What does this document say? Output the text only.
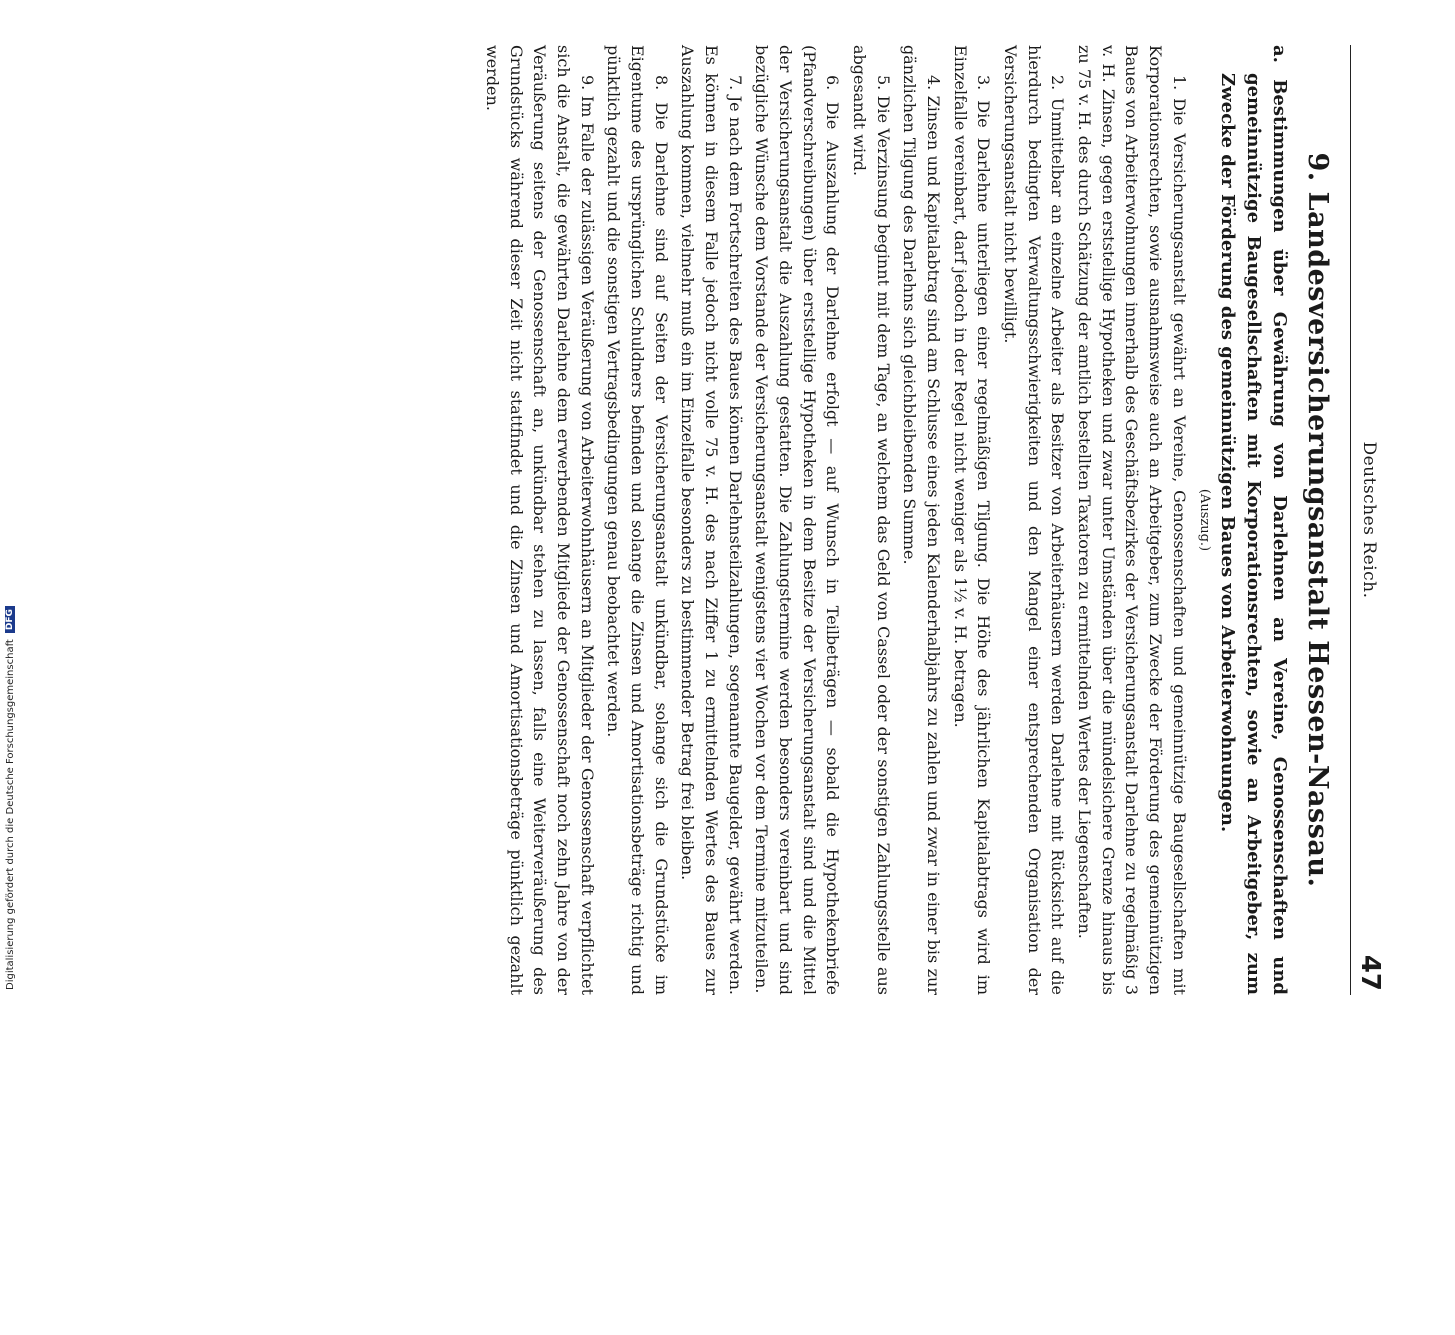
Deutsches Reich.
47
9. Landesversicherungsanstalt Hessen-Nassau.
a. Bestimmungen über Gewährung von Darlehnen an Vereine, Genossenschaften und gemeinnützige Baugesellschaften mit Korporationsrechten, sowie an Arbeitgeber, zum Zwecke der Förderung des gemeinnützigen Baues von Arbeiterwohnungen.
(Auszug.)

1. Die Versicherungsanstalt gewährt an Vereine, Genossenschaften und gemeinnützige Baugesellschaften mit Korporationsrechten, sowie ausnahmsweise auch an Arbeitgeber, zum Zwecke der Förderung des gemeinnützigen Baues von Arbeiterwohnungen innerhalb des Geschäftsbezirkes der Versicherungsanstalt Darlehne zu regelmäßig 3 v. H. Zinsen, gegen erststellige Hypotheken und zwar unter Umständen über die mündelsichere Grenze hinaus bis zu 75 v. H. des durch Schätzung der amtlich bestellten Taxatoren zu ermittelnden Wertes der Liegenschaften.

2. Unmittelbar an einzelne Arbeiter als Besitzer von Arbeiterhäusern werden Darlehne mit Rücksicht auf die hierdurch bedingten Verwaltungsschwierigkeiten und den Mangel einer entsprechenden Organisation der Versicherungsanstalt nicht bewilligt.

3. Die Darlehne unterliegen einer regelmäßigen Tilgung. Die Höhe des jährlichen Kapitalabtrags wird im Einzelfalle vereinbart, darf jedoch in der Regel nicht weniger als 1½ v. H. betragen.

4. Zinsen und Kapitalabtrag sind am Schlusse eines jeden Kalenderhalbjahrs zu zahlen und zwar in einer bis zur gänzlichen Tilgung des Darlehns sich gleichbleibenden Summe.

5. Die Verzinsung beginnt mit dem Tage, an welchem das Geld von Cassel oder der sonstigen Zahlungsstelle aus abgesandt wird.

6. Die Auszahlung der Darlehne erfolgt — auf Wunsch in Teilbeträgen — sobald die Hypothekenbriefe (Pfandverschreibungen) über erststellige Hypotheken in dem Besitze der Versicherungsanstalt sind und die Mittel der Versicherungsanstalt die Auszahlung gestatten. Die Zahlungstermine werden besonders vereinbart und sind bezügliche Wünsche dem Vorstande der Versicherungsanstalt wenigstens vier Wochen vor dem Termine mitzuteilen.

7. Je nach dem Fortschreiten des Baues können Darlehnsteilzahlungen, sogenannte Baugelder, gewährt werden. Es können in diesem Falle jedoch nicht volle 75 v. H. des nach Ziffer 1 zu ermittelnden Wertes des Baues zur Auszahlung kommen, vielmehr muß ein im Einzelfalle besonders zu bestimmender Betrag frei bleiben.

8. Die Darlehne sind auf Seiten der Versicherungsanstalt unkündbar, solange sich die Grundstücke im Eigentume des ursprünglichen Schuldners befinden und solange die Zinsen und Amortisationsbeträge richtig und pünktlich gezahlt und die sonstigen Vertragsbedingungen genau beobachtet werden.

9. Im Falle der zulässigen Veräußerung von Arbeiterwohnhäusern an Mitglieder der Genossenschaft verpflichtet sich die Anstalt, die gewährten Darlehne dem erwerbenden Mitgliede der Genossenschaft noch zehn Jahre von der Veräußerung seitens der Genossenschaft an, unkündbar stehen zu lassen, falls eine Weiterveräußerung des Grundstücks während dieser Zeit nicht stattfindet und die Zinsen und Amortisationsbeträge pünktlich gezahlt werden.

Digitalisierung gefördert durch die Deutsche Forschungsgemeinschaft
DFG
